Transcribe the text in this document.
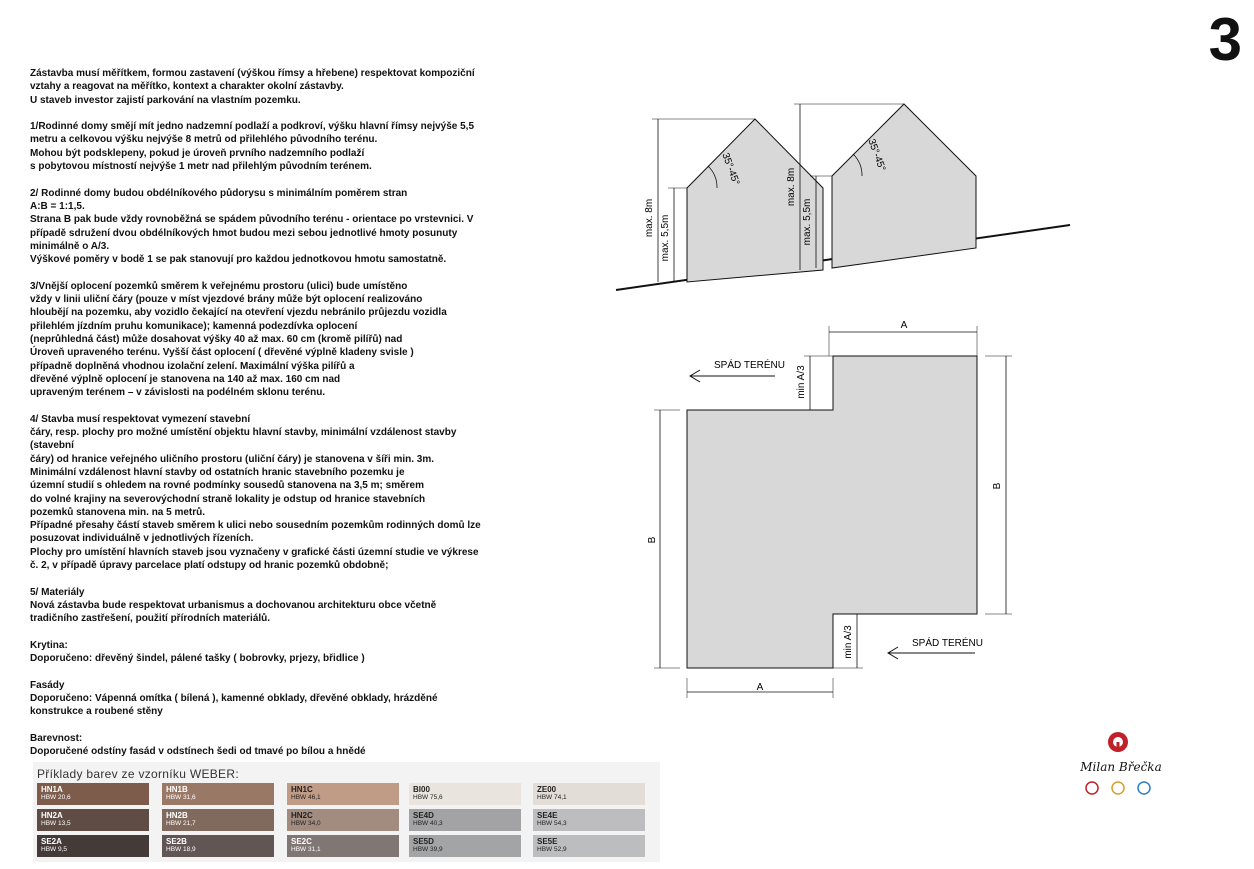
3

Zástavba musí měřítkem, formou zastavení (výškou římsy a hřebene) respektovat kompoziční
vztahy a reagovat na měřítko, kontext a charakter okolní zástavby.
U staveb investor zajistí parkování na vlastním pozemku.

1/Rodinné domy smějí mít jedno nadzemní podlaží a podkroví, výšku hlavní římsy nejvýše 5,5
metru a celkovou výšku nejvýše 8 metrů od přilehlého původního terénu.
Mohou být podsklepeny, pokud je úroveň prvního nadzemního podlaží
s pobytovou místností nejvýše 1 metr nad přilehlým původním terénem.

2/ Rodinné domy budou obdélníkového půdorysu s minimálním poměrem stran
A:B = 1:1,5.
Strana B pak bude vždy rovnoběžná se spádem původního terénu - orientace po vrstevnici. V
případě sdružení dvou obdélníkových hmot budou mezi sebou jednotlivé hmoty posunuty
minimálně o A/3.
Výškové poměry v bodě 1 se pak stanovují pro každou jednotkovou hmotu samostatně.

3/Vnější oplocení pozemků směrem k veřejnému prostoru (ulici) bude umístěno
vždy v linii uliční čáry (pouze v míst vjezdové brány může být oplocení realizováno
hloubějí na pozemku, aby vozidlo čekající na otevření vjezdu nebránilo průjezdu vozidla
přilehlém jízdním pruhu komunikace); kamenná podezdívka oplocení
(neprůhledná část) může dosahovat výšky 40 až max. 60 cm (kromě pilířů) nad
Úroveň upraveného terénu. Vyšší část oplocení ( dřevěné výplně kladeny svisle )
případně doplněná vhodnou izolační zelení. Maximální výška pilířů a
dřevěné výplně oplocení je stanovena na 140 až max. 160 cm nad
upraveným terénem – v závislosti na podélném sklonu terénu.

4/ Stavba musí respektovat vymezení stavební
čáry, resp. plochy pro možné umístění objektu hlavní stavby, minimální vzdálenost stavby
(stavební
čáry) od hranice veřejného uličního prostoru (uliční čáry) je stanovena v šíři min. 3m.
Minimální vzdálenost hlavní stavby od ostatních hranic stavebního pozemku je
územní studií s ohledem na rovné podmínky sousedů stanovena na 3,5 m; směrem
do volné krajiny na severovýchodní straně lokality je odstup od hranice stavebních
pozemků stanovena min. na 5 metrů.
Případné přesahy částí staveb směrem k ulici nebo sousedním pozemkům rodinných domů lze
posuzovat individuálně v jednotlivých řízeních.
Plochy pro umístění hlavních staveb jsou vyznačeny v grafické části územní studie ve výkrese
č. 2, v případě úpravy parcelace platí odstupy od hranic pozemků obdobně;

5/ Materiály
Nová zástavba bude respektovat urbanismus a dochovanou architekturu obce včetně
tradičního zastřešení, použití přírodních materiálů.

Krytina:
Doporučeno: dřevěný šindel, pálené tašky ( bobrovky, prjezy, břidlice )

Fasády
Doporučeno: Vápenná omítka ( bílená ), kamenné obklady, dřevěné obklady, hrázděné
konstrukce a roubené stěny

Barevnost:
Doporučené odstíny fasád v odstínech šedi od tmavé po bílou a hnědé

max. 8m max. 5,5m
max. 8m
max. 5,5m
35°-45°	35°-45°
A
A
B
B
min A/3
min A/3
SPÁD TERÉNU
SPÁD TERÉNU
Příklady barev ze vzorníku WEBER:
HN1A
HBW 20,6
HN1B
HBW 31,6
HN1C
HBW 46,1
BI00
HBW 75,6
ZE00
HBW 74,1
HN2A
HBW 13,5
HN2B
HBW 21,7
HN2C
HBW 34,0
SE4D
HBW 40,3
SE4E
HBW 54,3
SE2A
HBW 9,5
SE2B
HBW 18,9
SE2C
HBW 31,1
SE5D
HBW 39,9
SE5E
HBW 52,9
Milan Břečka
